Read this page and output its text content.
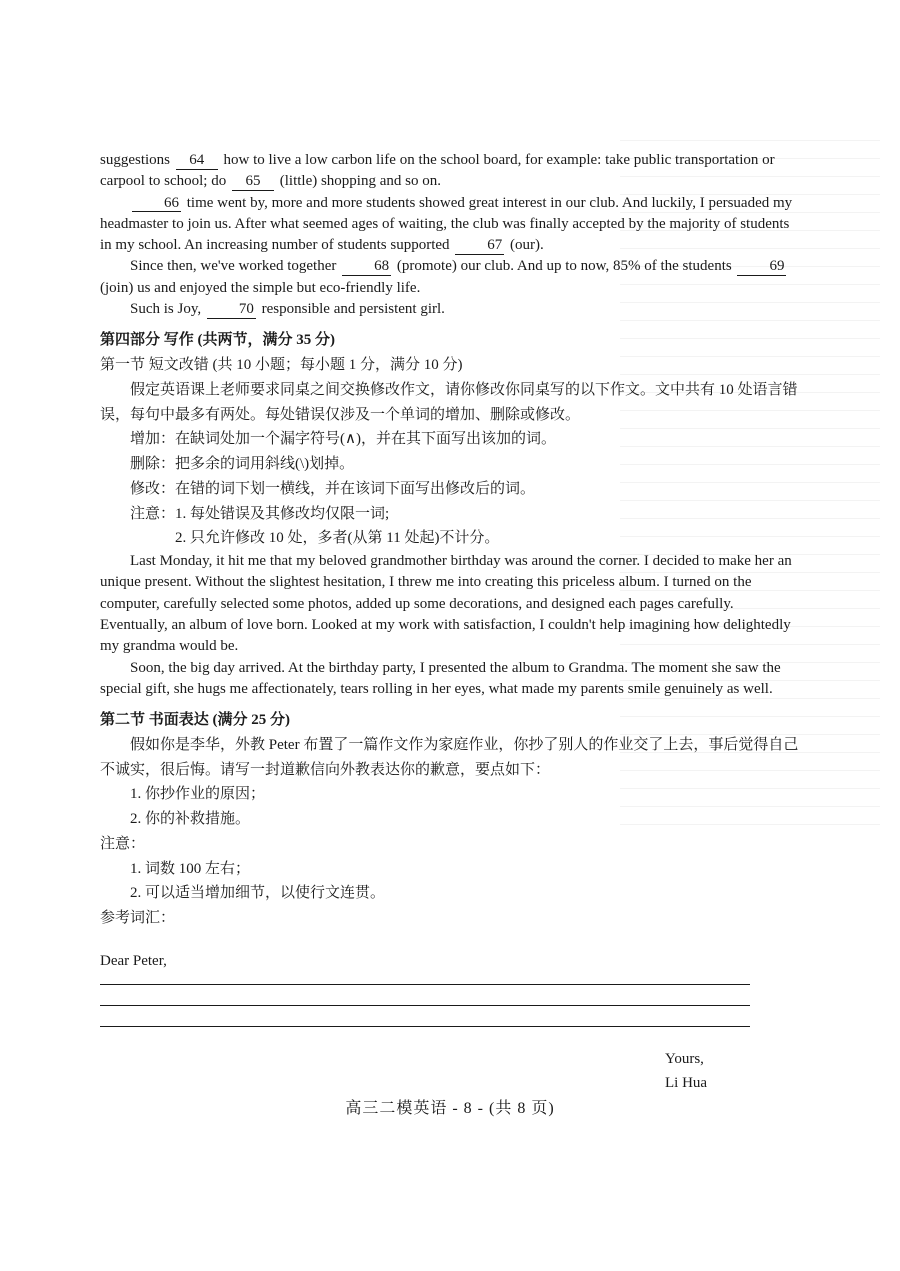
suggestions 64 how to live a low carbon life on the school board, for example: take public transportation or carpool to school; do 65 (little) shopping and so on.

66 time went by, more and more students showed great interest in our club. And luckily, I persuaded my headmaster to join us. After what seemed ages of waiting, the club was finally accepted by the majority of students in my school. An increasing number of students supported	67 (our).

Since then, we've worked together	68 (promote) our club. And up to now, 85% of the students	69 (join) us and enjoyed the simple but eco-friendly life.

Such is Joy,	70 responsible and persistent girl.

第四部分 写作 (共两节，满分 35 分)

第一节 短文改错 (共 10 小题；每小题 1 分，满分 10 分)

假定英语课上老师要求同桌之间交换修改作文，请你修改你同桌写的以下作文。文中共有 10 处语言错误，每句中最多有两处。每处错误仅涉及一个单词的增加、删除或修改。

增加：在缺词处加一个漏字符号(∧)，并在其下面写出该加的词。

删除：把多余的词用斜线(\)划掉。

修改：在错的词下划一横线，并在该词下面写出修改后的词。

注意：1. 每处错误及其修改均仅限一词;

2. 只允许修改 10 处，多者(从第 11 处起)不计分。

Last Monday, it hit me that my beloved grandmother birthday was around the corner. I decided to make her an unique present. Without the slightest hesitation, I threw me into creating this priceless album. I turned on the computer, carefully selected some photos, added up some decorations, and designed each pages carefully. Eventually, an album of love born. Looked at my work with satisfaction, I couldn't help imagining how delightedly my grandma would be.

Soon, the big day arrived. At the birthday party, I presented the album to Grandma. The moment she saw the special gift, she hugs me affectionately, tears rolling in her eyes, what made my parents smile genuinely as well.

第二节 书面表达 (满分 25 分)

假如你是李华，外教 Peter 布置了一篇作文作为家庭作业，你抄了别人的作业交了上去，事后觉得自己不诚实，很后悔。请写一封道歉信向外教表达你的歉意，要点如下：

1. 你抄作业的原因；

2. 你的补救措施。

注意：

1. 词数 100 左右；

2. 可以适当增加细节，以使行文连贯。

参考词汇：

Dear Peter,

Yours,

Li Hua

高三二模英语 - 8 - (共 8 页)
